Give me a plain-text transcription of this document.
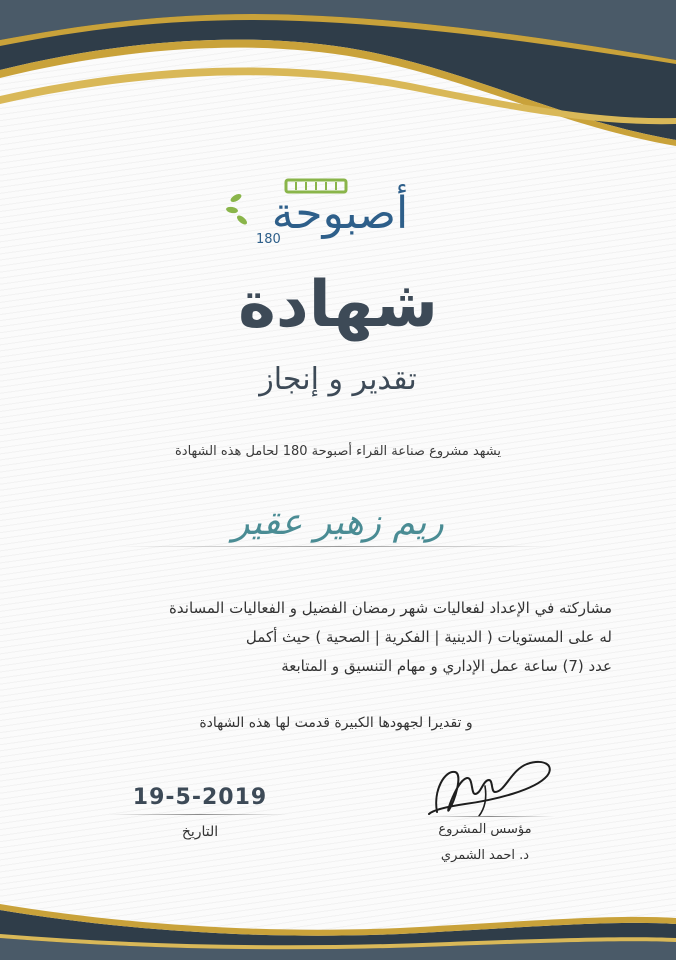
أصبوحة
180
شهادة
تقدير و إنجاز
يشهد مشروع صناعة القراء أصبوحة 180 لحامل هذه الشهادة
ريم زهير عقير

مشاركته في الإعداد لفعاليات شهر رمضان الفضيل و الفعاليات المساندة

له على المستويات ( الدينية | الفكرية | الصحية ) حيث أكمل

عدد (7) ساعة عمل الإداري و مهام التنسيق و المتابعة

و تقديرا لجهودها الكبيرة قدمت لها هذه الشهادة
19-5-2019
التاريخ	مؤسس المشروع
د. احمد الشمري
